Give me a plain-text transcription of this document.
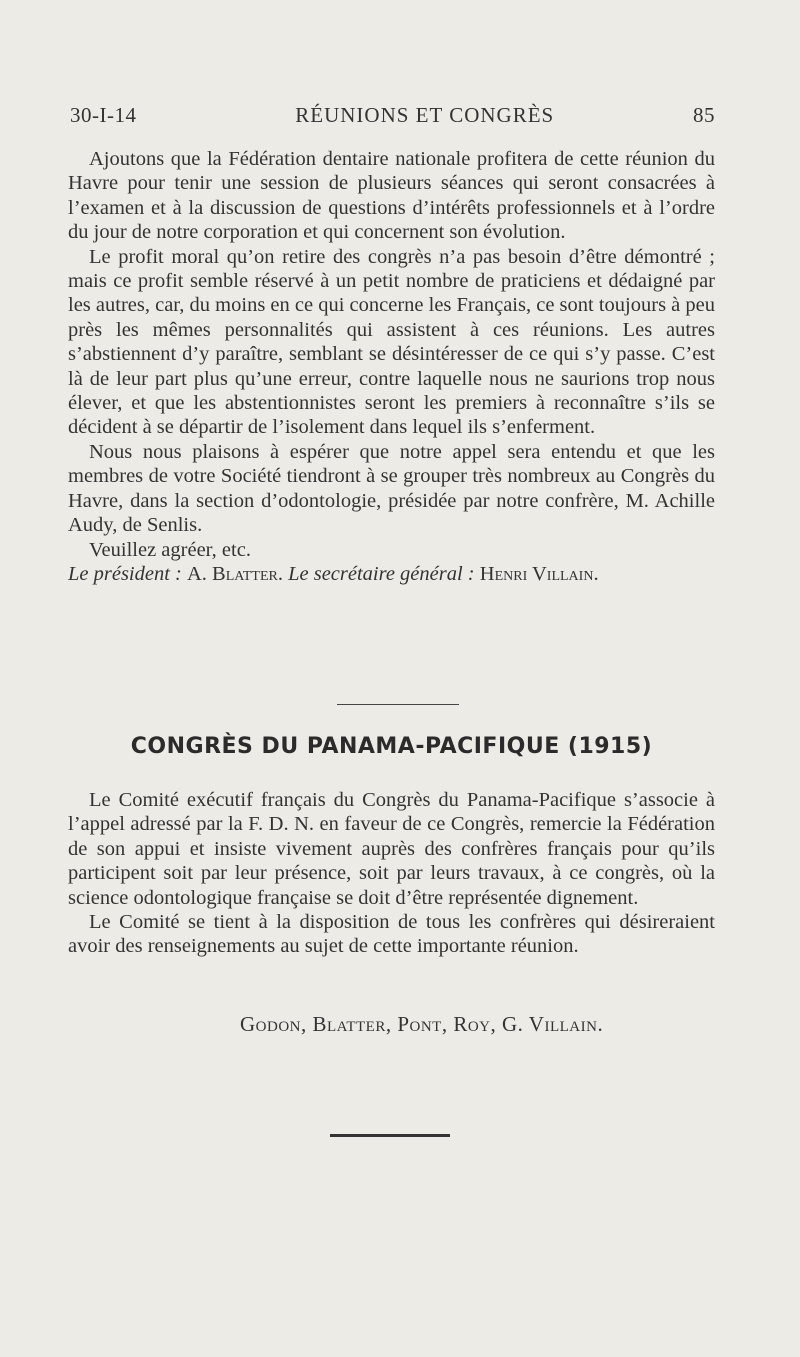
30-I-14	RÉUNIONS ET CONGRÈS	85

Ajoutons que la Fédération dentaire nationale profitera de cette réunion du Havre pour tenir une session de plusieurs séances qui seront consacrées à l’examen et à la discussion de questions d’intérêts professionnels et à l’ordre du jour de notre corporation et qui concernent son évolution.

Le profit moral qu’on retire des congrès n’a pas besoin d’être démontré ; mais ce profit semble réservé à un petit nombre de praticiens et dédaigné par les autres, car, du moins en ce qui concerne les Français, ce sont toujours à peu près les mêmes personnalités qui assistent à ces réunions. Les autres s’abstiennent d’y paraître, semblant se désintéresser de ce qui s’y passe. C’est là de leur part plus qu’une erreur, contre laquelle nous ne saurions trop nous élever, et que les abstentionnistes seront les premiers à reconnaître s’ils se décident à se départir de l’isolement dans lequel ils s’enferment.

Nous nous plaisons à espérer que notre appel sera entendu et que les membres de votre Société tiendront à se grouper très nombreux au Congrès du Havre, dans la section d’odontologie, présidée par notre confrère, M. Achille Audy, de Senlis.

Veuillez agréer, etc.

Le président : A. Blatter. Le secrétaire général : Henri Villain.

CONGRÈS DU PANAMA-PACIFIQUE (1915)

Le Comité exécutif français du Congrès du Panama-Pacifique s’associe à l’appel adressé par la F. D. N. en faveur de ce Congrès, remercie la Fédération de son appui et insiste vivement auprès des confrères français pour qu’ils participent soit par leur présence, soit par leurs travaux, à ce congrès, où la science odontologique française se doit d’être représentée dignement.

Le Comité se tient à la disposition de tous les confrères qui désireraient avoir des renseignements au sujet de cette importante réunion.

Godon, Blatter, Pont, Roy, G. Villain.
